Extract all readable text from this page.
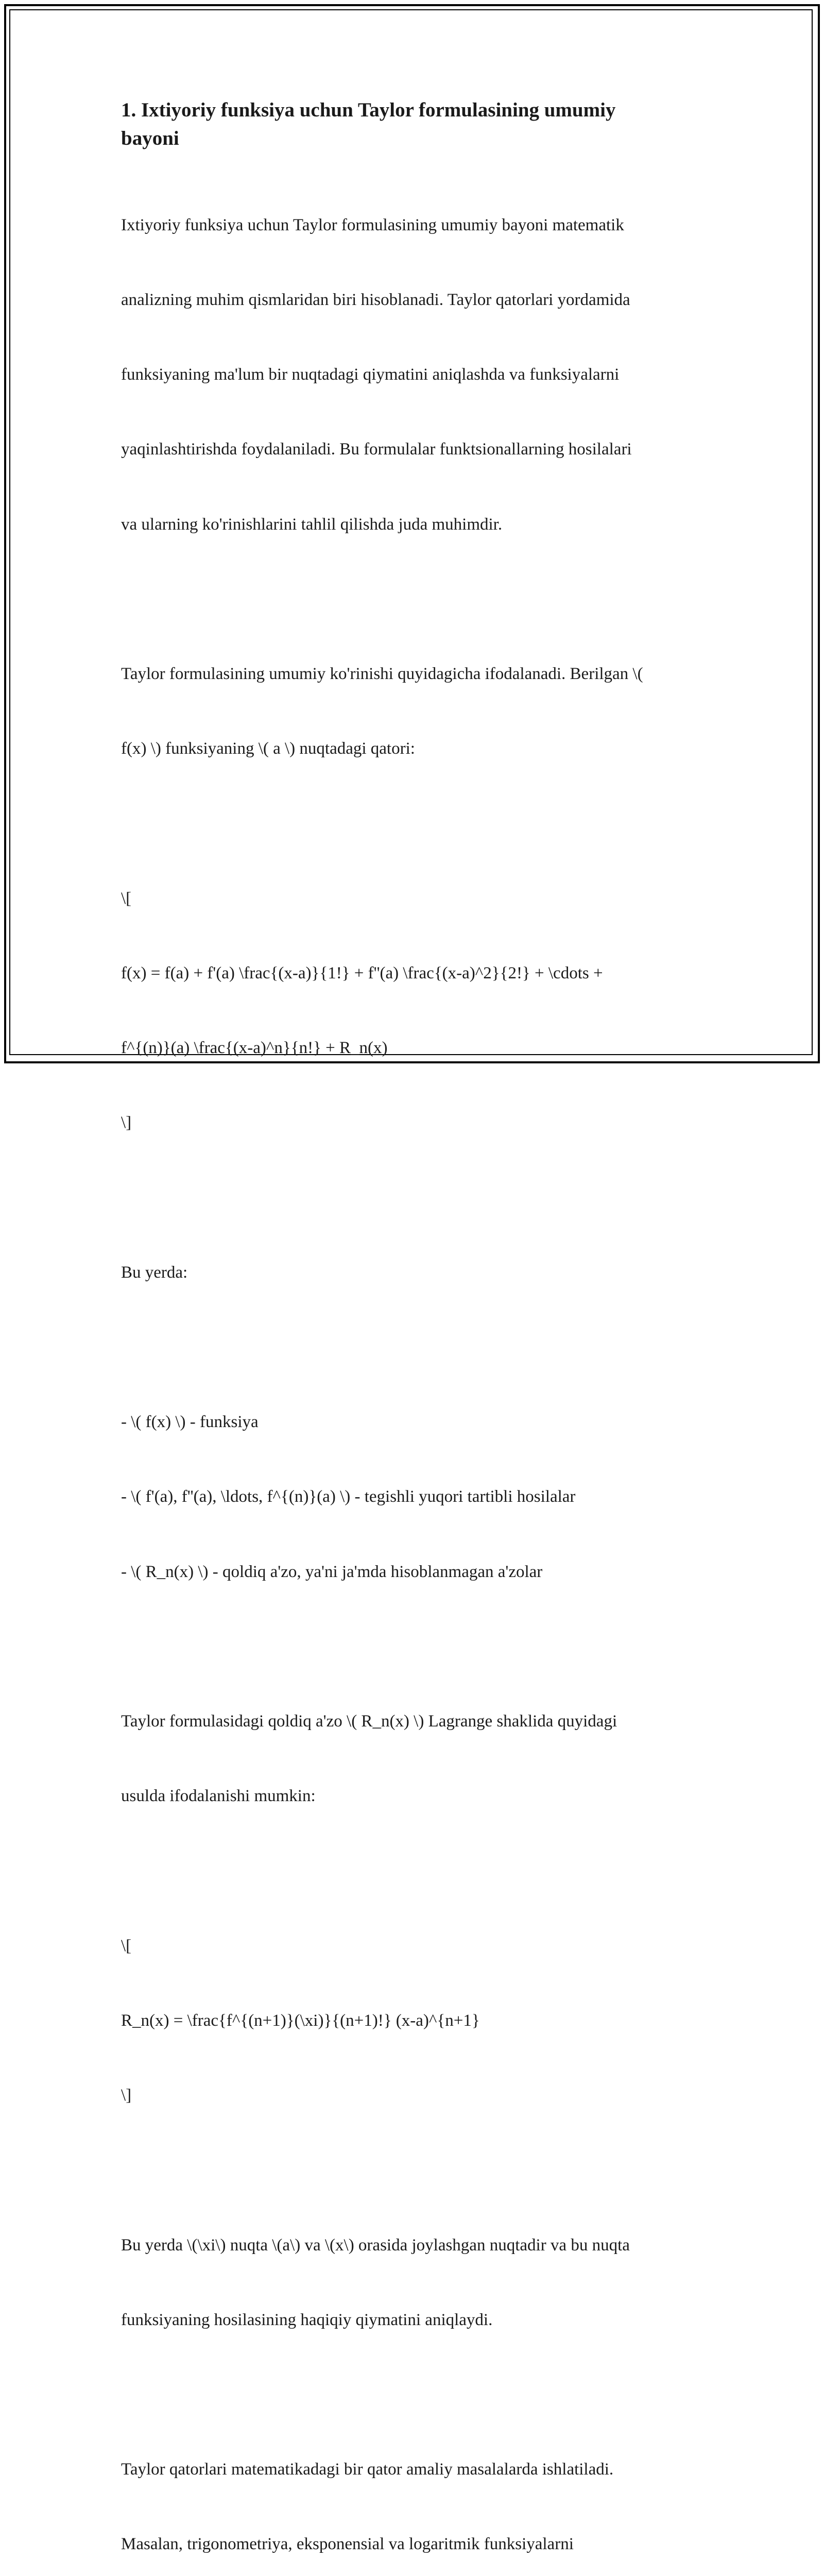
1. Ixtiyoriy funksiya uchun Taylor formulasining umumiy
bayoni

Ixtiyoriy funksiya uchun Taylor formulasining umumiy bayoni matematik

analizning muhim qismlaridan biri hisoblanadi. Taylor qatorlari yordamida

funksiyaning ma'lum bir nuqtadagi qiymatini aniqlashda va funksiyalarni

yaqinlashtirishda foydalaniladi. Bu formulalar funktsionallarning hosilalari

va ularning ko'rinishlarini tahlil qilishda juda muhimdir.

Taylor formulasining umumiy ko'rinishi quyidagicha ifodalanadi. Berilgan \(

f(x) \) funksiyaning \( a \) nuqtadagi qatori:

\[

f(x) = f(a) + f'(a) \frac{(x-a)}{1!} + f''(a) \frac{(x-a)^2}{2!} + \cdots +

f^{(n)}(a) \frac{(x-a)^n}{n!} + R_n(x)

\]

Bu yerda:

- \( f(x) \) - funksiya

- \( f'(a), f''(a), \ldots, f^{(n)}(a) \) - tegishli yuqori tartibli hosilalar

- \( R_n(x) \) - qoldiq a'zo, ya'ni ja'mda hisoblanmagan a'zolar

Taylor formulasidagi qoldiq a'zo \( R_n(x) \) Lagrange shaklida quyidagi

usulda ifodalanishi mumkin:

\[

R_n(x) = \frac{f^{(n+1)}(\xi)}{(n+1)!} (x-a)^{n+1}

\]

Bu yerda \(\xi\) nuqta \(a\) va \(x\) orasida joylashgan nuqtadir va bu nuqta

funksiyaning hosilasining haqiqiy qiymatini aniqlaydi.

Taylor qatorlari matematikadagi bir qator amaliy masalalarda ishlatiladi.

Masalan, trigonometriya, eksponensial va logaritmik funksiyalarni
